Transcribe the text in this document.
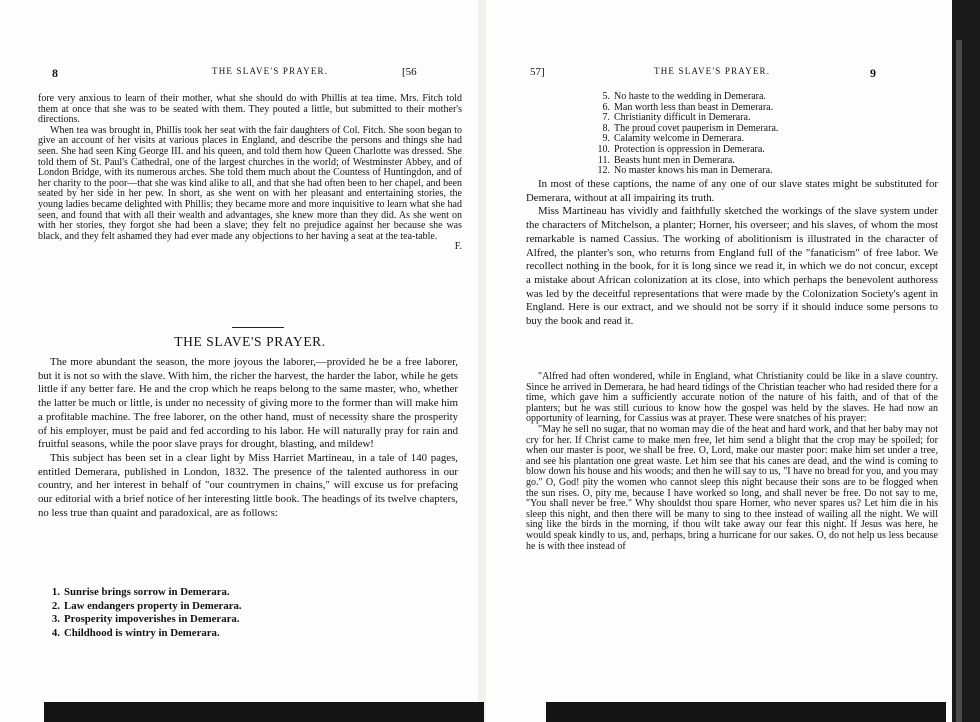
8	THE SLAVE'S PRAYER.	[56

fore very anxious to learn of their mother, what she should do with Phillis at tea time. Mrs. Fitch told them at once that she was to be seated with them. They pouted a little, but submitted to their mother's directions.

When tea was brought in, Phillis took her seat with the fair daughters of Col. Fitch. She soon began to give an account of her visits at various places in England, and describe the persons and things she had seen. She had seen King George III. and his queen, and told them how Queen Charlotte was dressed. She told them of St. Paul's Cathedral, one of the largest churches in the world; of Westminster Abbey, and of London Bridge, with its numerous arches. She told them much about the Countess of Huntingdon, and of her charity to the poor—that she was kind alike to all, and that she had often been to her chapel, and been seated by her side in her pew. In short, as she went on with her pleasant and entertaining stories, the young ladies became delighted with Phillis; they became more and more inquisitive to learn what she had seen, and found that with all their wealth and advantages, she knew more than they did. As she went on with her stories, they forgot she had been a slave; they felt no prejudice against her because she was black, and they felt ashamed they had ever made any objections to her having a seat at the tea-table.

F.

THE SLAVE'S PRAYER.

The more abundant the season, the more joyous the laborer,—provided he be a free laborer, but it is not so with the slave. With him, the richer the harvest, the harder the labor, while he gets little if any better fare. He and the crop which he reaps belong to the same master, who, whether the latter be much or little, is under no necessity of giving more to the former than will make him a profitable machine. The free laborer, on the other hand, must of necessity share the prosperity of his employer, must be paid and fed according to his labor. He will naturally pray for rain and fruitful seasons, while the poor slave prays for drought, blasting, and mildew!

This subject has been set in a clear light by Miss Harriet Martineau, in a tale of 140 pages, entitled Demerara, published in London, 1832. The presence of the talented authoress in our country, and her interest in behalf of "our countrymen in chains," will excuse us for prefacing our editorial with a brief notice of her interesting little book. The headings of its twelve chapters, no less true than quaint and paradoxical, are as follows:

1. Sunrise brings sorrow in Demerara.
2. Law endangers property in Demerara.
3. Prosperity impoverishes in Demerara.
4. Childhood is wintry in Demerara.
57]	THE SLAVE'S PRAYER.	9
5. No haste to the wedding in Demerara.
6. Man worth less than beast in Demerara.
7. Christianity difficult in Demerara.
8. The proud covet pauperism in Demerara.
9. Calamity welcome in Demerara.
10. Protection is oppression in Demerara.
11. Beasts hunt men in Demerara.
12. No master knows his man in Demerara.

In most of these captions, the name of any one of our slave states might be substituted for Demerara, without at all impairing its truth.

Miss Martineau has vividly and faithfully sketched the workings of the slave system under the characters of Mitchelson, a planter; Horner, his overseer; and his slaves, of whom the most remarkable is named Cassius. The working of abolitionism is illustrated in the character of Alfred, the planter's son, who returns from England full of the "fanaticism" of free labor. We recollect nothing in the book, for it is long since we read it, in which we do not concur, except a mistake about African colonization at its close, into which perhaps the benevolent authoress was led by the deceitful representations that were made by the Colonization Society's agent in England. Here is our extract, and we should not be sorry if it should induce some persons to buy the book and read it.

"Alfred had often wondered, while in England, what Christianity could be like in a slave country. Since he arrived in Demerara, he had heard tidings of the Christian teacher who had resided there for a time, which gave him a sufficiently accurate notion of the nature of his faith, and of that of the planters; but he was still curious to know how the gospel was held by the slaves. He had now an opportunity of learning, for Cassius was at prayer. These were snatches of his prayer:

"May he sell no sugar, that no woman may die of the heat and hard work, and that her baby may not cry for her. If Christ came to make men free, let him send a blight that the crop may be spoiled; for when our master is poor, we shall be free. O, Lord, make our master poor: make him set under a tree, and see his plantation one great waste. Let him see that his canes are dead, and the wind is coming to blow down his house and his woods; and then he will say to us, "I have no bread for you, and you may go." O, God! pity the women who cannot sleep this night because their sons are to be flogged when the sun rises. O, pity me, because I have worked so long, and shall never be free. Do not say to me, "You shall never be free." Why shouldst thou spare Horner, who never spares us? Let him die in his sleep this night, and then there will be many to sing to thee instead of wailing all the night. We will sing like the birds in the morning, if thou wilt take away our fear this night. If Jesus was here, he would speak kindly to us, and, perhaps, bring a hurricane for our sakes. O, do not help us less because he is with thee instead of
